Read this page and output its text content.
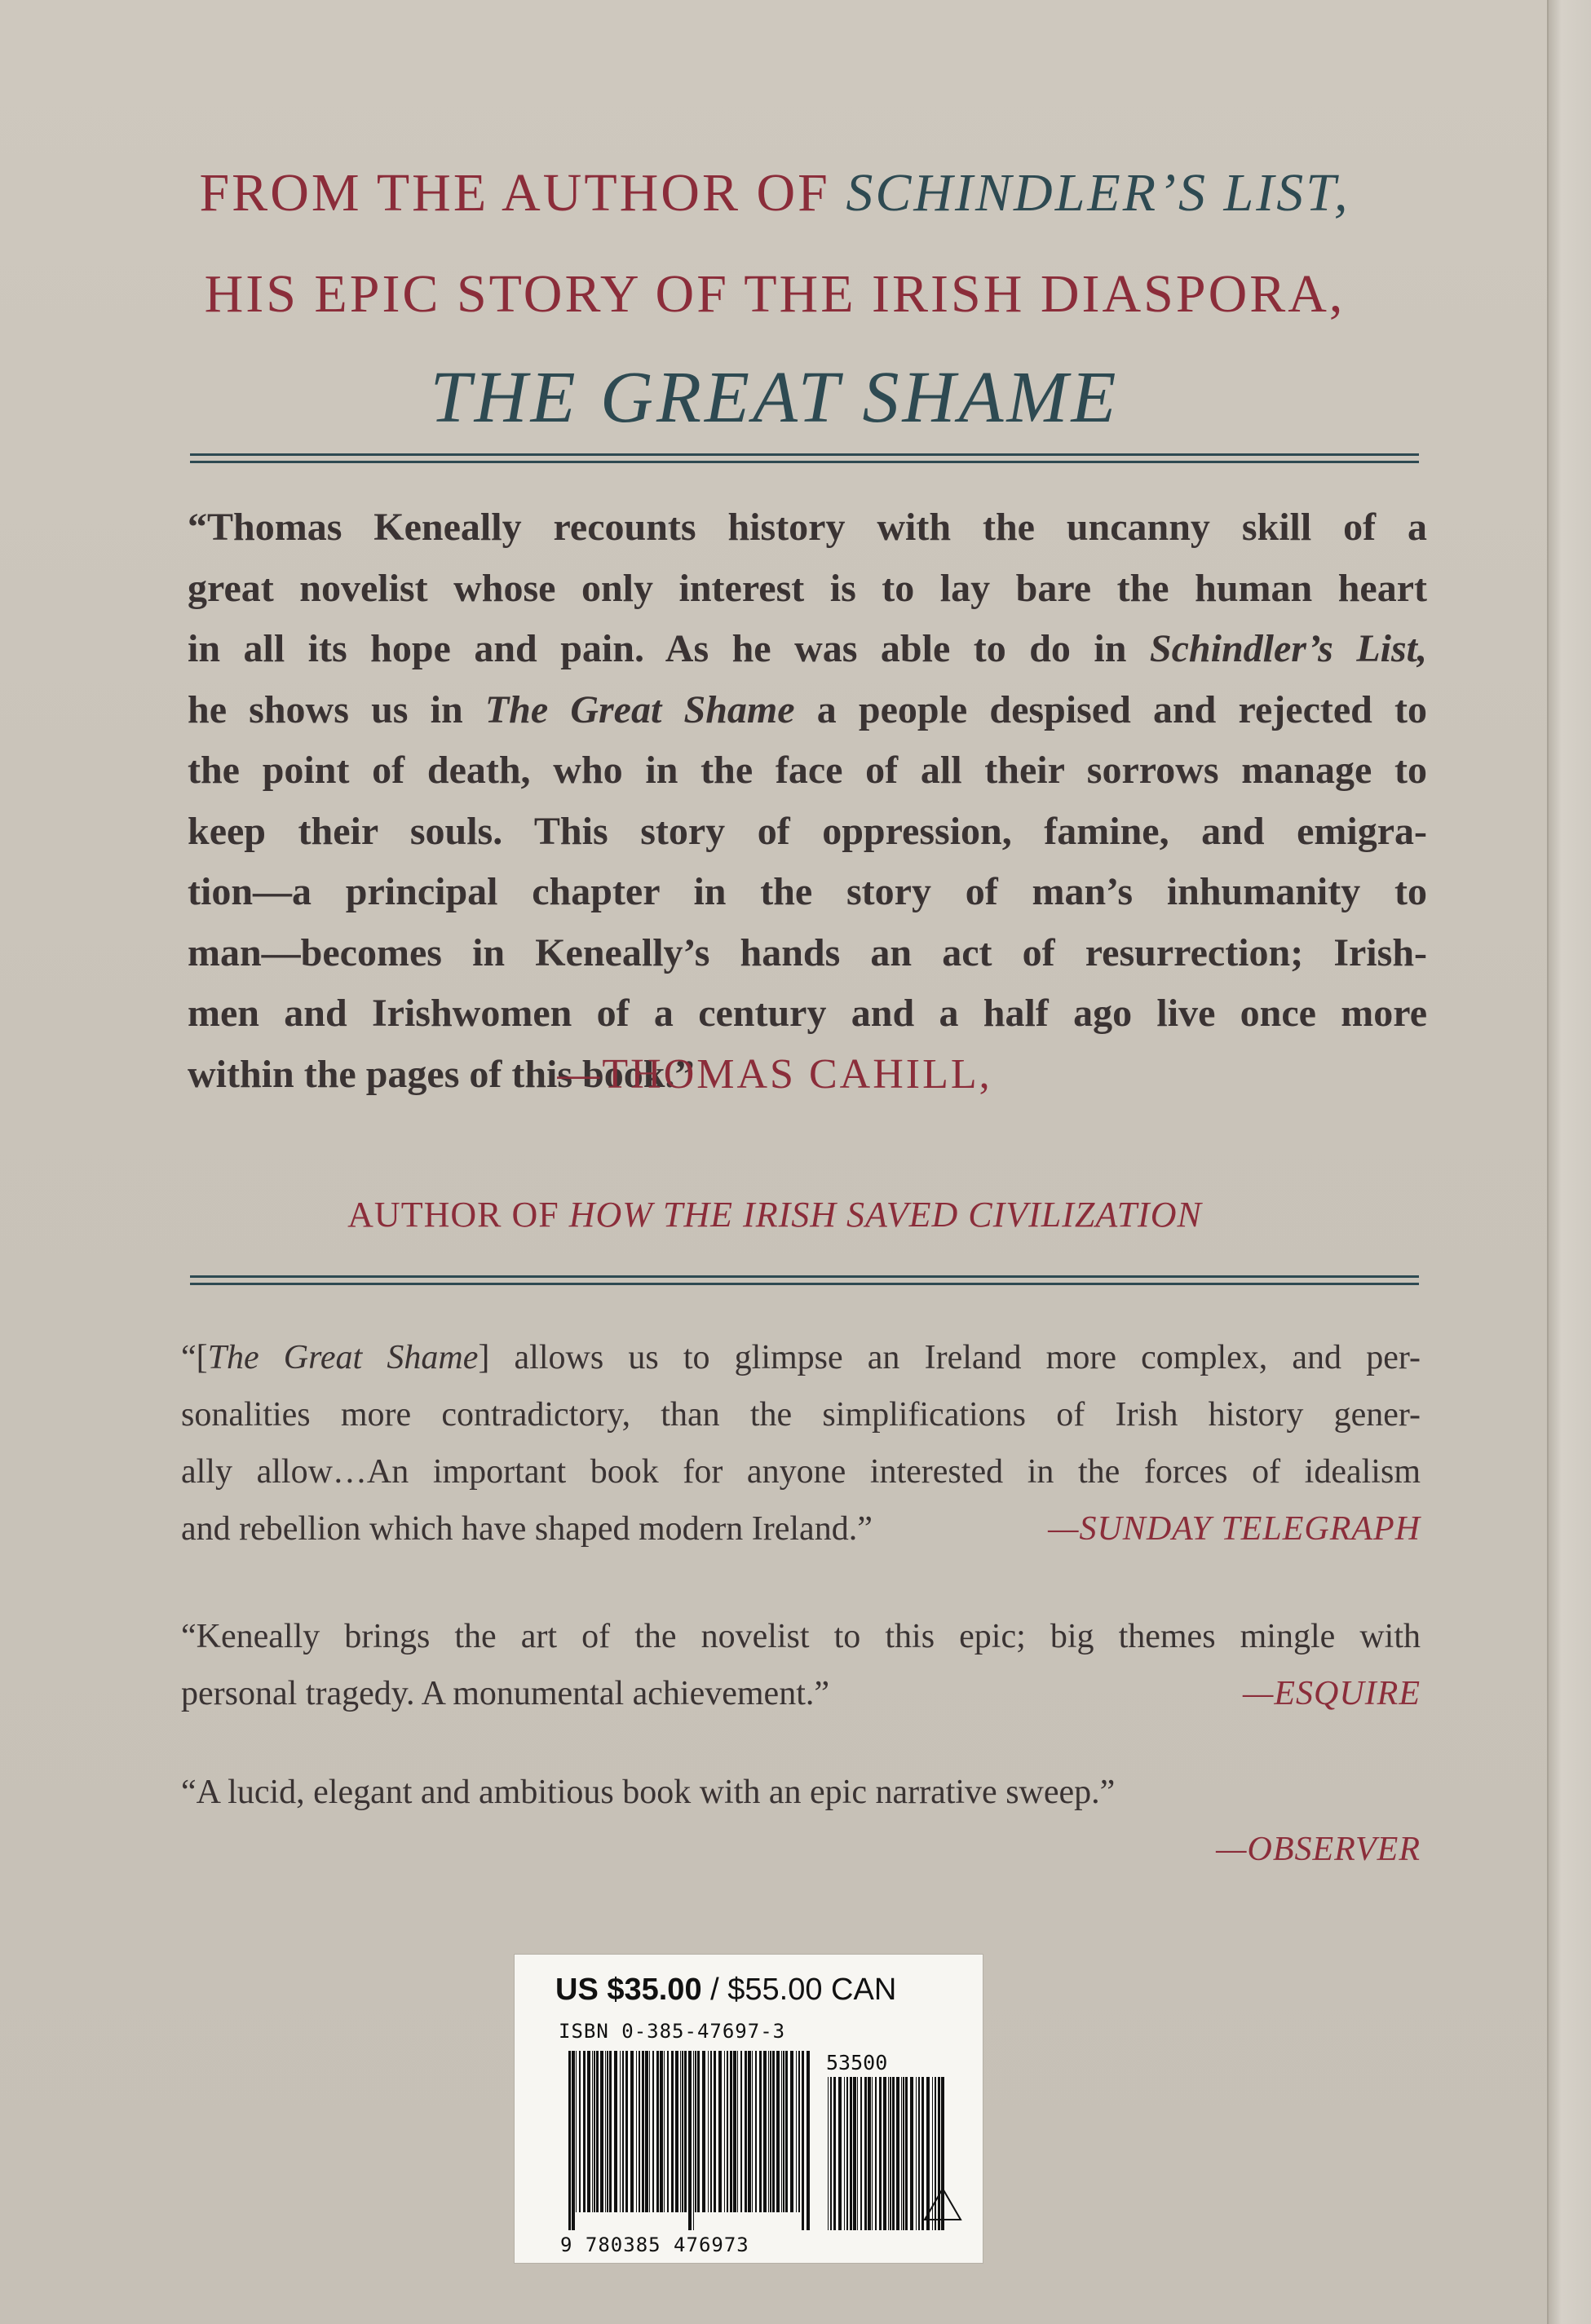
FROM THE AUTHOR OF SCHINDLER’S LIST,
HIS EPIC STORY OF THE IRISH DIASPORA,
THE GREAT SHAME
“Thomas Keneally recounts history with the uncanny skill of a
great novelist whose only interest is to lay bare the human heart
in all its hope and pain. As he was able to do in Schindler’s List,
he shows us in The Great Shame a people despised and rejected to
the point of death, who in the face of all their sorrows manage to
keep their souls. This story of oppression, famine, and emigra-
tion—a principal chapter in the story of man’s inhumanity to
man—becomes in Keneally’s hands an act of resurrection; Irish-
men and Irishwomen of a century and a half ago live once more
within the pages of this book.”
—THOMAS CAHILL,
AUTHOR OF HOW THE IRISH SAVED CIVILIZATION
“[The Great Shame] allows us to glimpse an Ireland more complex, and per-
sonalities more contradictory, than the simplifications of Irish history gener-
ally allow…An important book for anyone interested in the forces of idealism
and rebellion which have shaped modern Ireland.”	—SUNDAY TELEGRAPH
“Keneally brings the art of the novelist to this epic; big themes mingle with
personal tragedy. A monumental achievement.”	—ESQUIRE
“A lucid, elegant and ambitious book with an epic narrative sweep.”
—OBSERVER
US $35.00 / $55.00 CAN
ISBN 0-385-47697-3
53500
9 780385 476973
